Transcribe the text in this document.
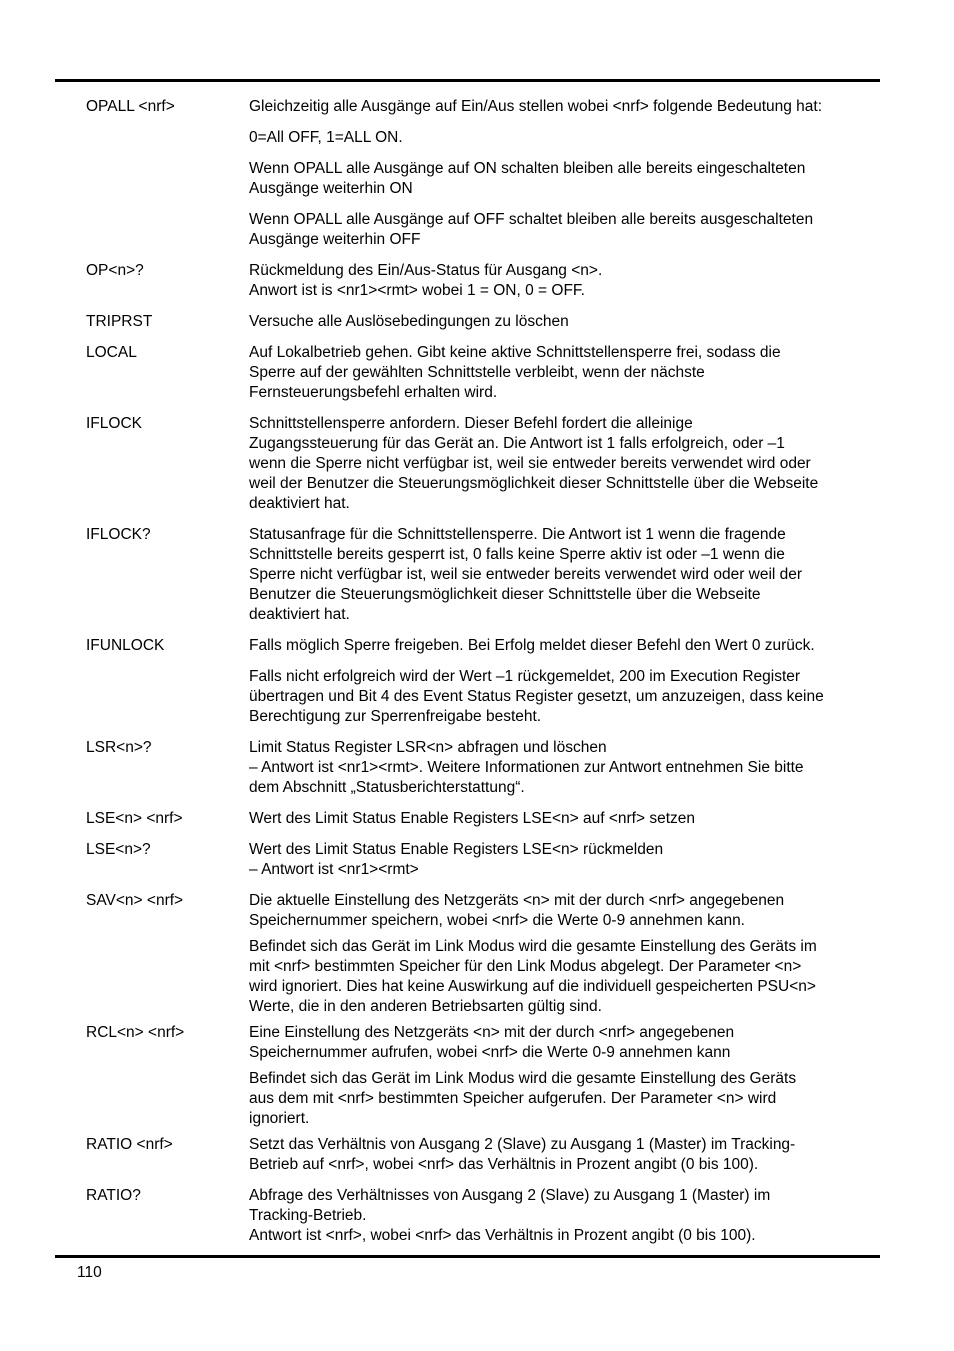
OPALL <nrf>	Gleichzeitig alle Ausgänge auf Ein/Aus stellen wobei <nrf> folgende Bedeutung hat:

0=All OFF, 1=ALL ON.

Wenn OPALL alle Ausgänge auf ON schalten bleiben alle bereits eingeschalteten
Ausgänge weiterhin ON

Wenn OPALL alle Ausgänge auf OFF schaltet bleiben alle bereits ausgeschalteten
Ausgänge weiterhin OFF

OP<n>?	Rückmeldung des Ein/Aus-Status für Ausgang <n>.
Anwort ist is <nr1><rmt> wobei 1 = ON, 0 = OFF.

TRIPRST	Versuche alle Auslösebedingungen zu löschen

LOCAL	Auf Lokalbetrieb gehen. Gibt keine aktive Schnittstellensperre frei, sodass die
Sperre auf der gewählten Schnittstelle verbleibt, wenn der nächste
Fernsteuerungsbefehl erhalten wird.

IFLOCK	Schnittstellensperre anfordern. Dieser Befehl fordert die alleinige
Zugangssteuerung für das Gerät an. Die Antwort ist 1 falls erfolgreich, oder –1
wenn die Sperre nicht verfügbar ist, weil sie entweder bereits verwendet wird oder
weil der Benutzer die Steuerungsmöglichkeit dieser Schnittstelle über die Webseite
deaktiviert hat.

IFLOCK?	Statusanfrage für die Schnittstellensperre. Die Antwort ist 1 wenn die fragende
Schnittstelle bereits gesperrt ist, 0 falls keine Sperre aktiv ist oder –1 wenn die
Sperre nicht verfügbar ist, weil sie entweder bereits verwendet wird oder weil der
Benutzer die Steuerungsmöglichkeit dieser Schnittstelle über die Webseite
deaktiviert hat.

IFUNLOCK	Falls möglich Sperre freigeben. Bei Erfolg meldet dieser Befehl den Wert 0 zurück.

Falls nicht erfolgreich wird der Wert –1 rückgemeldet, 200 im Execution Register
übertragen und Bit 4 des Event Status Register gesetzt, um anzuzeigen, dass keine
Berechtigung zur Sperrenfreigabe besteht.

LSR<n>?	Limit Status Register LSR<n> abfragen und löschen
– Antwort ist <nr1><rmt>. Weitere Informationen zur Antwort entnehmen Sie bitte
dem Abschnitt „Statusberichterstattung“.

LSE<n> <nrf>	Wert des Limit Status Enable Registers LSE<n> auf <nrf> setzen

LSE<n>?	Wert des Limit Status Enable Registers LSE<n> rückmelden
– Antwort ist <nr1><rmt>

SAV<n> <nrf>	Die aktuelle Einstellung des Netzgeräts <n> mit der durch <nrf> angegebenen
Speichernummer speichern, wobei <nrf> die Werte 0-9 annehmen kann.

Befindet sich das Gerät im Link Modus wird die gesamte Einstellung des Geräts im
mit <nrf> bestimmten Speicher für den Link Modus abgelegt. Der Parameter <n>
wird ignoriert. Dies hat keine Auswirkung auf die individuell gespeicherten PSU<n>
Werte, die in den anderen Betriebsarten gültig sind.

RCL<n> <nrf>	Eine Einstellung des Netzgeräts <n> mit der durch <nrf> angegebenen
Speichernummer aufrufen, wobei <nrf> die Werte 0-9 annehmen kann

Befindet sich das Gerät im Link Modus wird die gesamte Einstellung des Geräts
aus dem mit <nrf> bestimmten Speicher aufgerufen. Der Parameter <n> wird
ignoriert.

RATIO <nrf>	Setzt das Verhältnis von Ausgang 2 (Slave) zu Ausgang 1 (Master) im Tracking-
Betrieb auf <nrf>, wobei <nrf> das Verhältnis in Prozent angibt (0 bis 100).

RATIO?	Abfrage des Verhältnisses von Ausgang 2 (Slave) zu Ausgang 1 (Master) im
Tracking-Betrieb.
Antwort ist <nrf>, wobei <nrf> das Verhältnis in Prozent angibt (0 bis 100).

110
